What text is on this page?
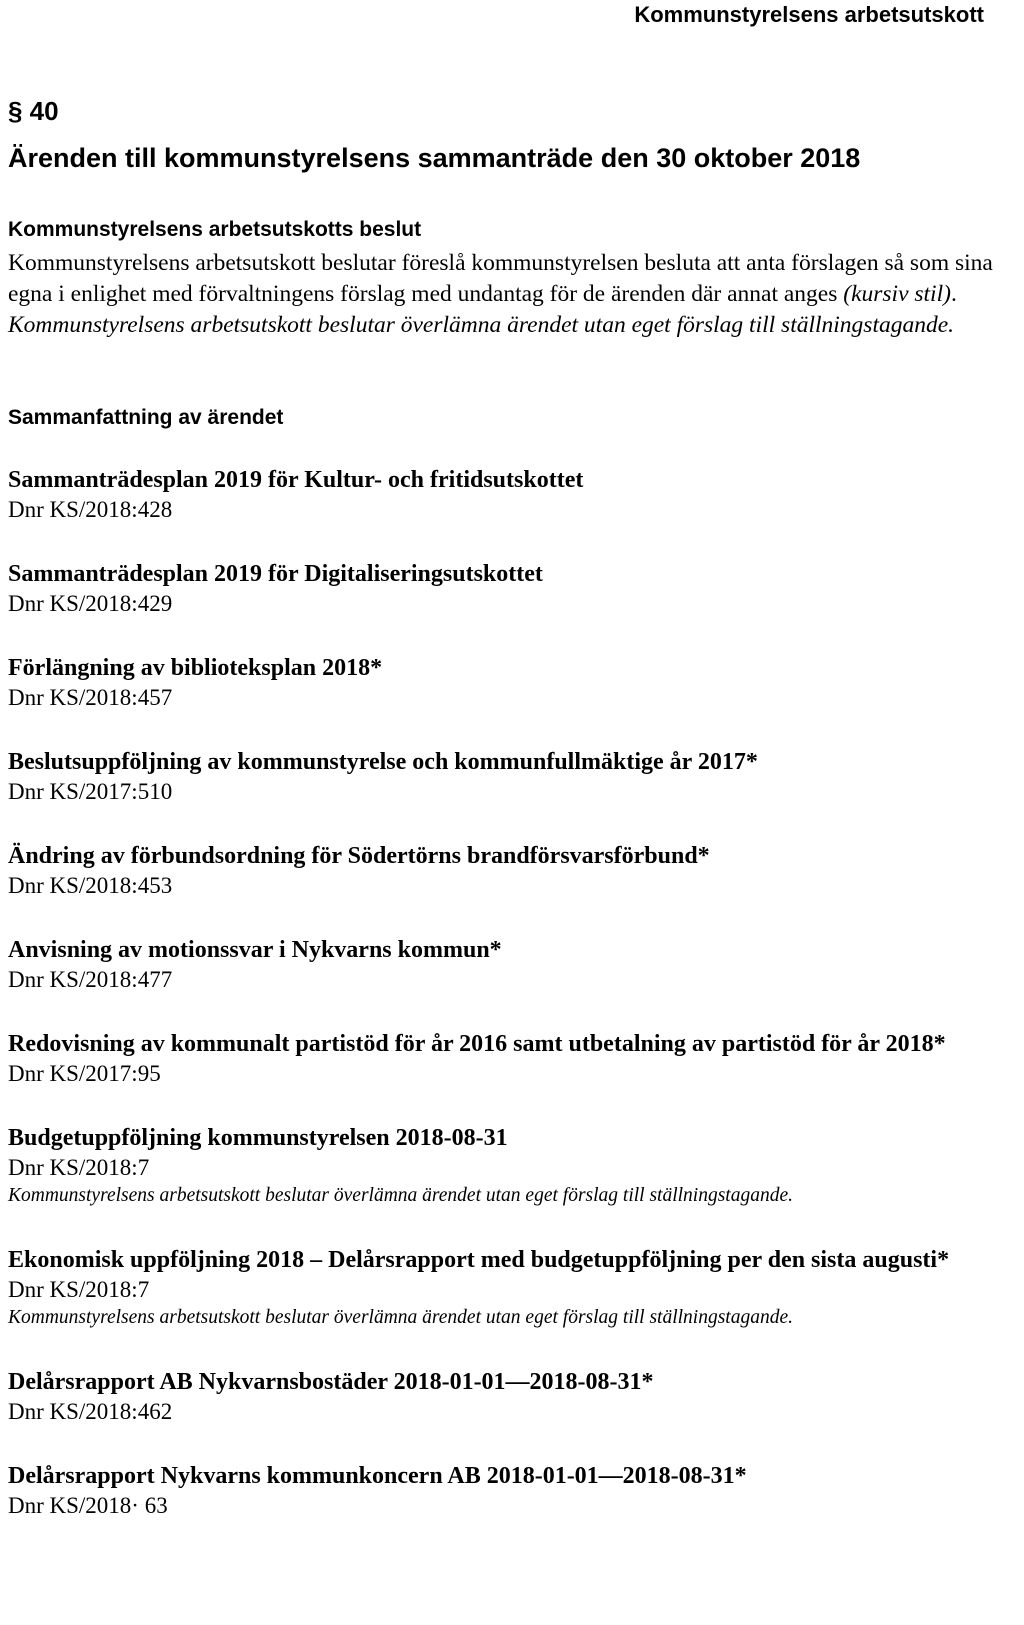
Kommunstyrelsens arbetsutskott
§ 40
Ärenden till kommunstyrelsens sammanträde den 30 oktober 2018
Kommunstyrelsens arbetsutskotts beslut
Kommunstyrelsens arbetsutskott beslutar föreslå kommunstyrelsen besluta att anta förslagen så som sina egna i enlighet med förvaltningens förslag med undantag för de ärenden där annat anges (kursiv stil). Kommunstyrelsens arbetsutskott beslutar överlämna ärendet utan eget förslag till ställningstagande.
Sammanfattning av ärendet
Sammanträdesplan 2019 för Kultur- och fritidsutskottet
Dnr KS/2018:428
Sammanträdesplan 2019 för Digitaliseringsutskottet
Dnr KS/2018:429
Förlängning av biblioteksplan 2018*
Dnr KS/2018:457
Beslutsuppföljning av kommunstyrelse och kommunfullmäktige år 2017*
Dnr KS/2017:510
Ändring av förbundsordning för Södertörns brandförsvarsförbund*
Dnr KS/2018:453
Anvisning av motionssvar i Nykvarns kommun*
Dnr KS/2018:477
Redovisning av kommunalt partistöd för år 2016 samt utbetalning av partistöd för år 2018*
Dnr KS/2017:95
Budgetuppföljning kommunstyrelsen 2018-08-31
Dnr KS/2018:7
Kommunstyrelsens arbetsutskott beslutar överlämna ärendet utan eget förslag till ställningstagande.
Ekonomisk uppföljning 2018 – Delårsrapport med budgetuppföljning per den sista augusti*
Dnr KS/2018:7
Kommunstyrelsens arbetsutskott beslutar överlämna ärendet utan eget förslag till ställningstagande.
Delårsrapport AB Nykvarnsbostäder 2018-01-01—2018-08-31*
Dnr KS/2018:462
Delårsrapport Nykvarns kommunkoncern AB 2018-01-01—2018-08-31*
Dnr KS/2018· 63
